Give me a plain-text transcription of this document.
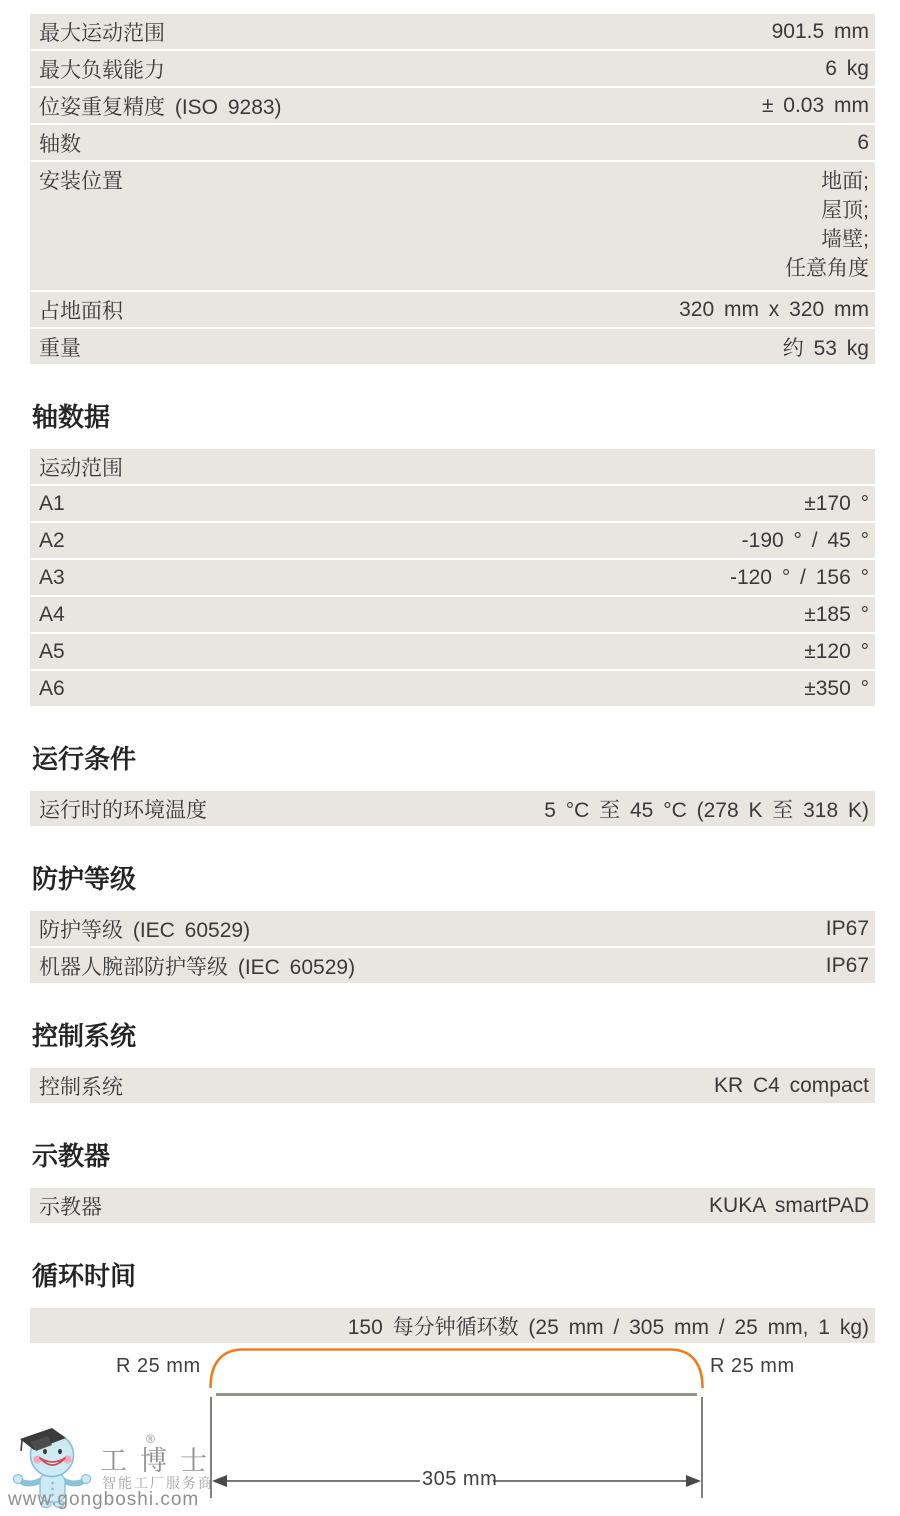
最大运动范围	901.5 mm
最大负载能力	6 kg
位姿重复精度 (ISO 9283)	± 0.03 mm
轴数	6
安装位置	地面;
屋顶;
墙壁;
任意角度
占地面积	320 mm x 320 mm
重量	约 53 kg
轴数据
运动范围
A1	±170 °
A2	-190 ° / 45 °
A3	-120 ° / 156 °
A4	±185 °
A5	±120 °
A6	±350 °
运行条件
运行时的环境温度	5 °C 至 45 °C (278 K 至 318 K)
防护等级
防护等级 (IEC 60529)	IP67
机器人腕部防护等级 (IEC 60529)	IP67
控制系统
控制系统	KR C4 compact
示教器
示教器	KUKA smartPAD
循环时间
150 每分钟循环数 (25 mm / 305 mm / 25 mm, 1 kg)
R 25 mm	R 25 mm
305 mm
®
工博士
智能工厂服务商
www.gongboshi.com
